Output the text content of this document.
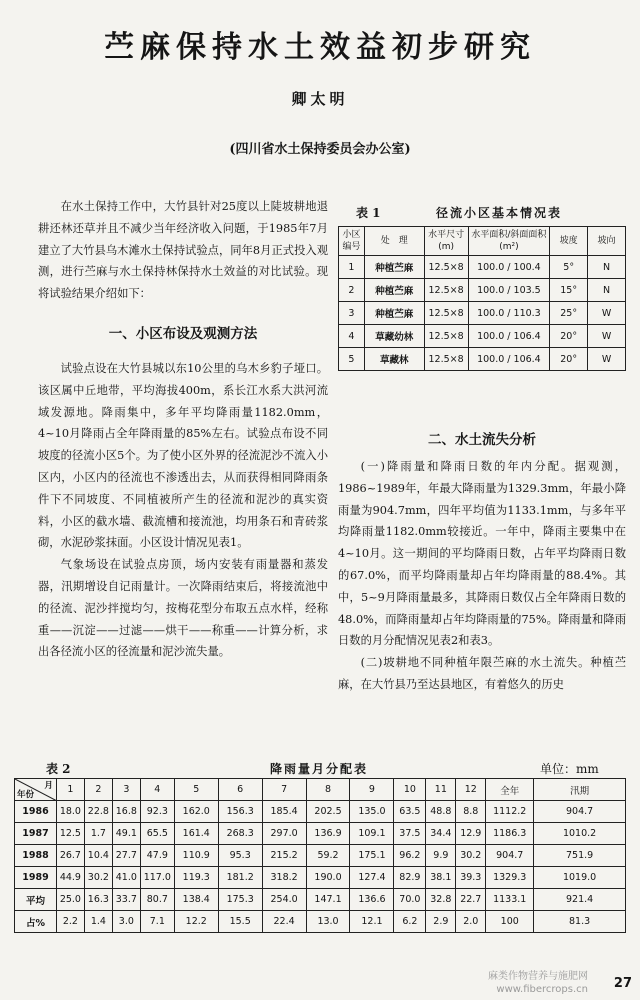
苎麻保持水土效益初步研究
卿太明
(四川省水土保持委员会办公室)

在水土保持工作中，大竹县针对25度以上陡坡耕地退耕还林还草并且不减少当年经济收入问题，于1985年7月建立了大竹县乌木滩水土保持试验点，同年8月正式投入观测，进行苎麻与水土保持林保持水土效益的对比试验。现将试验结果介绍如下：

一、小区布设及观测方法

试验点设在大竹县城以东10公里的乌木乡豹子垭口。该区属中丘地带，平均海拔400m，系长江水系大洪河流域发源地。降雨集中，多年平均降雨量1182.0mm，4~10月降雨占全年降雨量的85%左右。试验点布设不同坡度的径流小区5个。为了使小区外界的径流泥沙不流入小区内，小区内的径流也不渗透出去，从而获得相同降雨条件下不同坡度、不同植被所产生的径流和泥沙的真实资料，小区的截水墙、截流槽和接流池，均用条石和青砖浆砌，水泥砂浆抹面。小区设计情况见表1。

气象场设在试验点房顶，场内安装有雨量器和蒸发器，汛期增设自记雨量计。一次降雨结束后，将接流池中的径流、泥沙拌搅均匀，按梅花型分布取五点水样，经称重——沉淀——过滤——烘干——称重——计算分析，求出各径流小区的径流量和泥沙流失量。

表 1	径流小区基本情况表
小区编号	处　理	水平尺寸(m)	水平面积/斜面面积(m²)	坡度	坡向
1	种植苎麻	12.5×8	100.0 / 100.4	5°	N
2	种植苎麻	12.5×8	100.0 / 103.5	15°	N
3	种植苎麻	12.5×8	100.0 / 110.3	25°	W
4	草藏幼林	12.5×8	100.0 / 106.4	20°	W
5	草藏林	12.5×8	100.0 / 106.4	20°	W
二、水土流失分析

(一)降雨量和降雨日数的年内分配。据观测，1986~1989年，年最大降雨量为1329.3mm，年最小降雨量为904.7mm，四年平均值为1133.1mm，与多年平均降雨量1182.0mm较接近。一年中，降雨主要集中在4~10月。这一期间的平均降雨日数，占年平均降雨日数的67.0%，而平均降雨量却占年均降雨量的88.4%。其中，5~9月降雨量最多，其降雨日数仅占全年降雨日数的48.0%，而降雨量却占年均降雨量的75%。降雨量和降雨日数的月分配情况见表2和表3。

(二)坡耕地不同种植年限苎麻的水土流失。种植苎麻，在大竹县乃至达县地区，有着悠久的历史

表 2	降雨量月分配表	单位：mm
月
年份	1	2	3	4	5	6	7	8	9	10	11	12	全年	汛期
1986	18.0	22.8	16.8	92.3	162.0	156.3	185.4	202.5	135.0	63.5	48.8	8.8	1112.2	904.7
1987	12.5	1.7	49.1	65.5	161.4	268.3	297.0	136.9	109.1	37.5	34.4	12.9	1186.3	1010.2
1988	26.7	10.4	27.7	47.9	110.9	95.3	215.2	59.2	175.1	96.2	9.9	30.2	904.7	751.9
1989	44.9	30.2	41.0	117.0	119.3	181.2	318.2	190.0	127.4	82.9	38.1	39.3	1329.3	1019.0
平均	25.0	16.3	33.7	80.7	138.4	175.3	254.0	147.1	136.6	70.0	32.8	22.7	1133.1	921.4
占%	2.2	1.4	3.0	7.1	12.2	15.5	22.4	13.0	12.1	6.2	2.9	2.0	100	81.3
麻类作物营养与施肥网
www.fibercrops.cn 27
